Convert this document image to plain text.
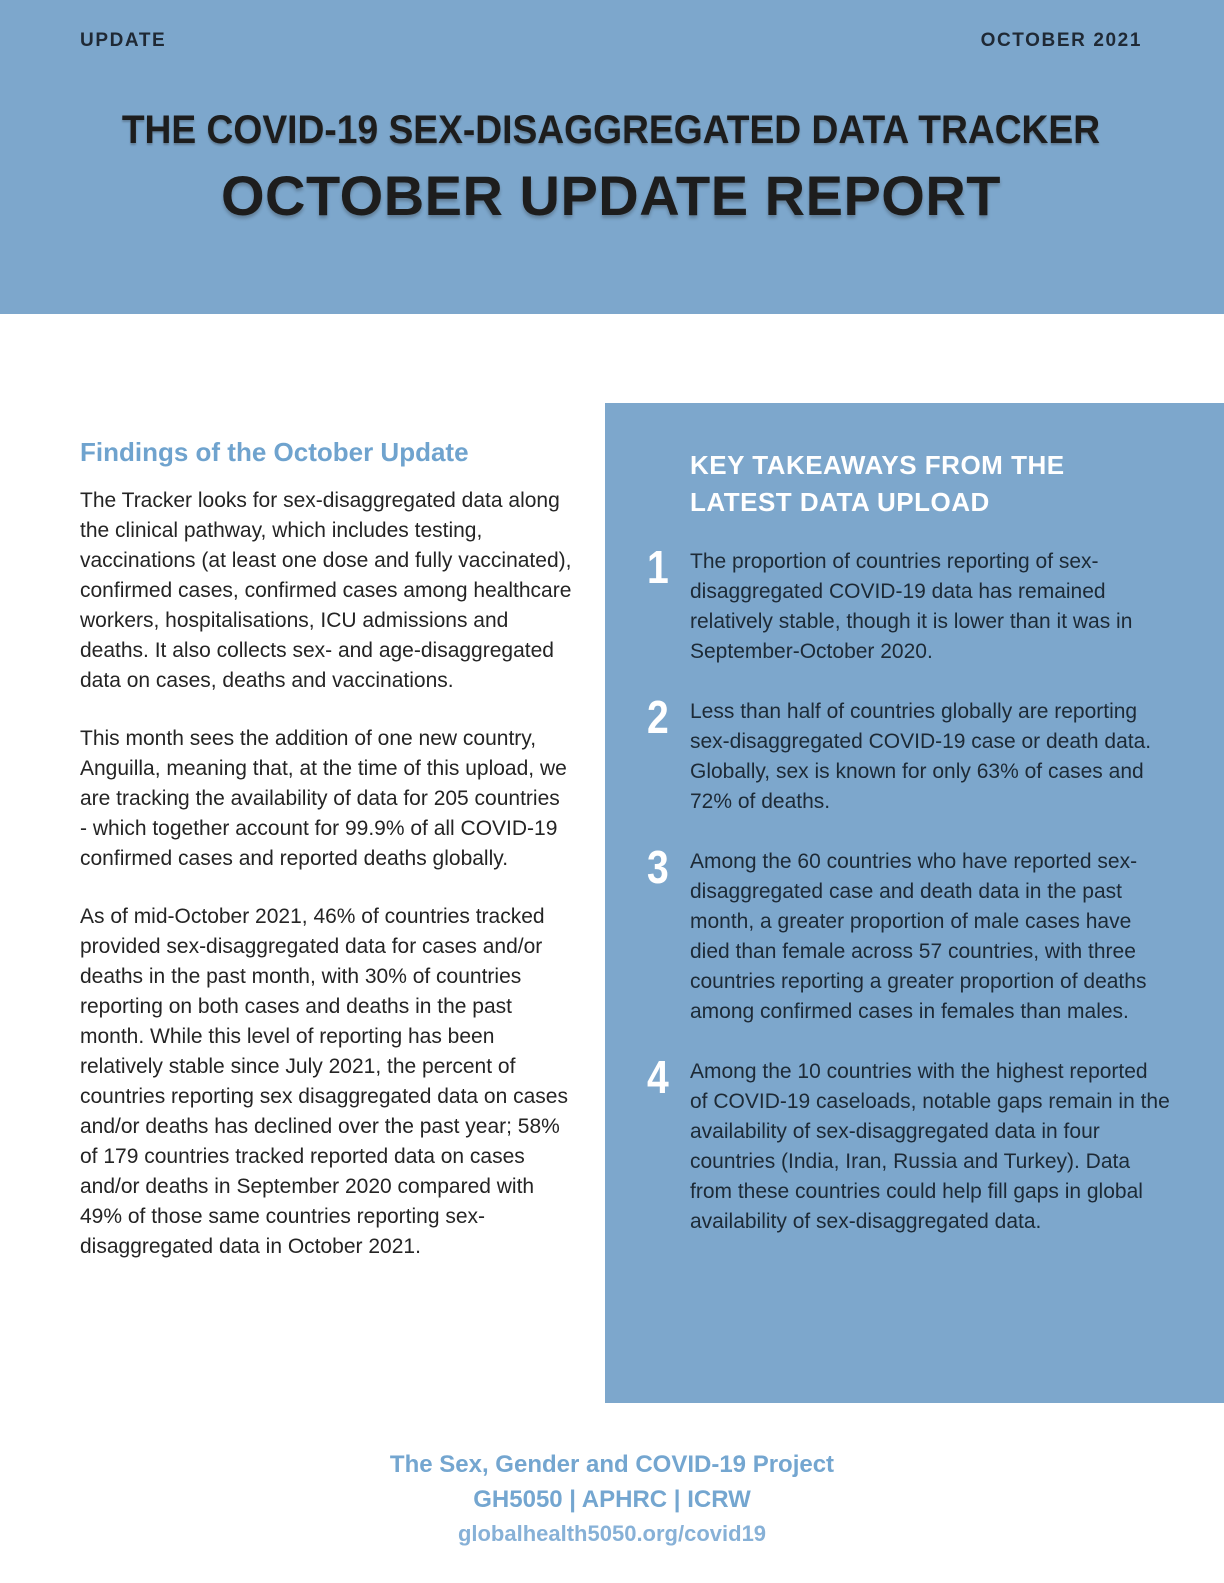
UPDATE	OCTOBER 2021
THE COVID-19 SEX-DISAGGREGATED DATA TRACKER
OCTOBER UPDATE REPORT
Findings of the October Update

The Tracker looks for sex-disaggregated data along the clinical pathway, which includes testing, vaccinations (at least one dose and fully vaccinated), confirmed cases, confirmed cases among healthcare workers, hospitalisations, ICU admissions and deaths. It also collects sex- and age-disaggregated data on cases, deaths and vaccinations.

This month sees the addition of one new country, Anguilla, meaning that, at the time of this upload, we are tracking the availability of data for 205 countries - which together account for 99.9% of all COVID-19 confirmed cases and reported deaths globally.

As of mid-October 2021, 46% of countries tracked provided sex-disaggregated data for cases and/or deaths in the past month, with 30% of countries reporting on both cases and deaths in the past month. While this level of reporting has been relatively stable since July 2021, the percent of countries reporting sex disaggregated data on cases and/or deaths has declined over the past year; 58% of 179 countries tracked reported data on cases and/or deaths in September 2020 compared with 49% of those same countries reporting sex-disaggregated data in October 2021.

KEY TAKEAWAYS FROM THE LATEST DATA UPLOAD
1	The proportion of countries reporting of sex-disaggregated COVID-19 data has remained relatively stable, though it is lower than it was in September-October 2020.
2	Less than half of countries globally are reporting sex-disaggregated COVID-19 case or death data. Globally, sex is known for only 63% of cases and 72% of deaths.
3	Among the 60 countries who have reported sex-disaggregated case and death data in the past month, a greater proportion of male cases have died than female across 57 countries, with three countries reporting a greater proportion of deaths among confirmed cases in females than males.
4	Among the 10 countries with the highest reported of COVID-19 caseloads, notable gaps remain in the availability of sex-disaggregated data in four countries (India, Iran, Russia and Turkey). Data from these countries could help fill gaps in global availability of sex-disaggregated data.
The Sex, Gender and COVID-19 Project
GH5050 | APHRC | ICRW
globalhealth5050.org/covid19
